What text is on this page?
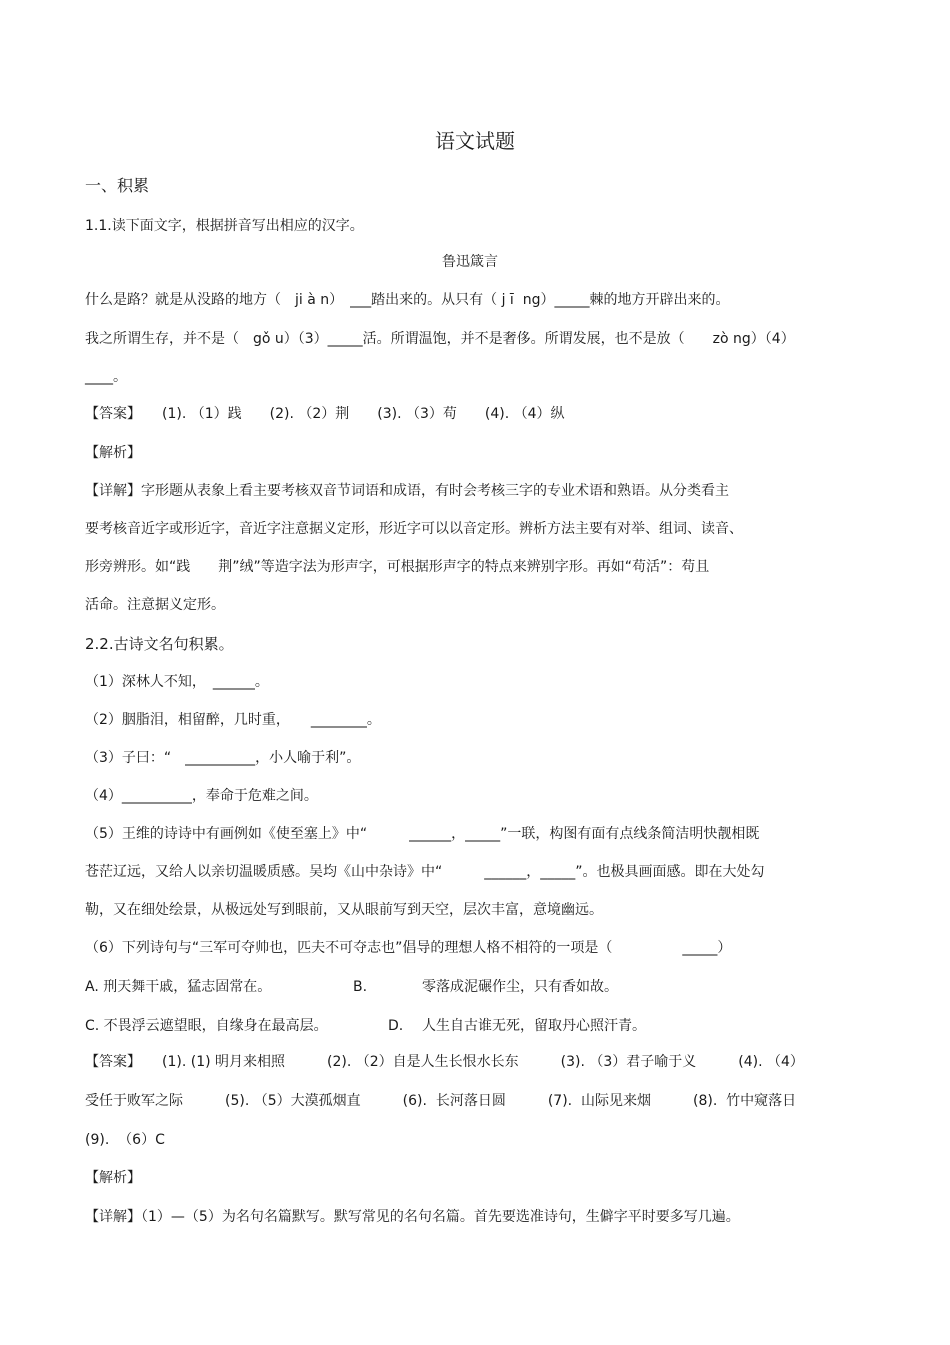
语文试题
一、积累
1.1.读下面文字，根据拼音写出相应的汉字。
鲁迅箴言
什么是路？就是从没路的地方（　ji à n）　___踏出来的。从只有（ j ī  ng）_____棘的地方开辟出来的。
我之所谓生存，并不是（　gǒ u）（3）_____活。所谓温饱，并不是奢侈。所谓发展，也不是放（　　zò ng）（4）
____。
【答案】　　(1). （1）践　　(2). （2）荆　　(3). （3）苟　　(4). （4）纵
【解析】
【详解】字形题从表象上看主要考核双音节词语和成语，有时会考核三字的专业术语和熟语。从分类看主
要考核音近字或形近字，音近字注意据义定形，形近字可以以音定形。辨析方法主要有对举、组词、读音、
形旁辨形。如“践　　荆”绒”等造字法为形声字，可根据形声字的特点来辨别字形。再如“苟活”：苟且
活命。注意据义定形。
2.2.古诗文名句积累。
（1）深林人不知，　______。
（2）胭脂泪，相留醉，几时重，　　________。
（3）子曰：“　__________，小人喻于利”。
（4）__________，奉命于危难之间。
（5）王维的诗诗中有画例如《使至塞上》中“　　　______，_____”一联，构图有面有点线条简洁明快靓相既
苍茫辽远，又给人以亲切温暖质感。吴均《山中杂诗》中“　　　______，_____”。也极具画面感。即在大处勾
勒，又在细处绘景，从极远处写到眼前，又从眼前写到天空，层次丰富，意境幽远。
（6）下列诗句与“三军可夺帅也，匹夫不可夺志也”倡导的理想人格不相符的一项是（　　　　　_____）
A. 刑天舞干戚，猛志固常在。	B.	零落成泥碾作尘，只有香如故。
C. 不畏浮云遮望眼，自缘身在最高层。	D. 人生自古谁无死，留取丹心照汗青。
【答案】　　(1). (1) 明月来相照　　　(2). （2）自是人生长恨水长东　　　(3). （3）君子喻于义　　　(4). （4）
受任于败军之际　　　(5). （5）大漠孤烟直　　　(6).  长河落日圆　　　(7).  山际见来烟　　　(8).  竹中窥落日
(9).  （6）C
【解析】
【详解】（1）—（5）为名句名篇默写。默写常见的名句名篇。首先要选准诗句，生僻字平时要多写几遍。
